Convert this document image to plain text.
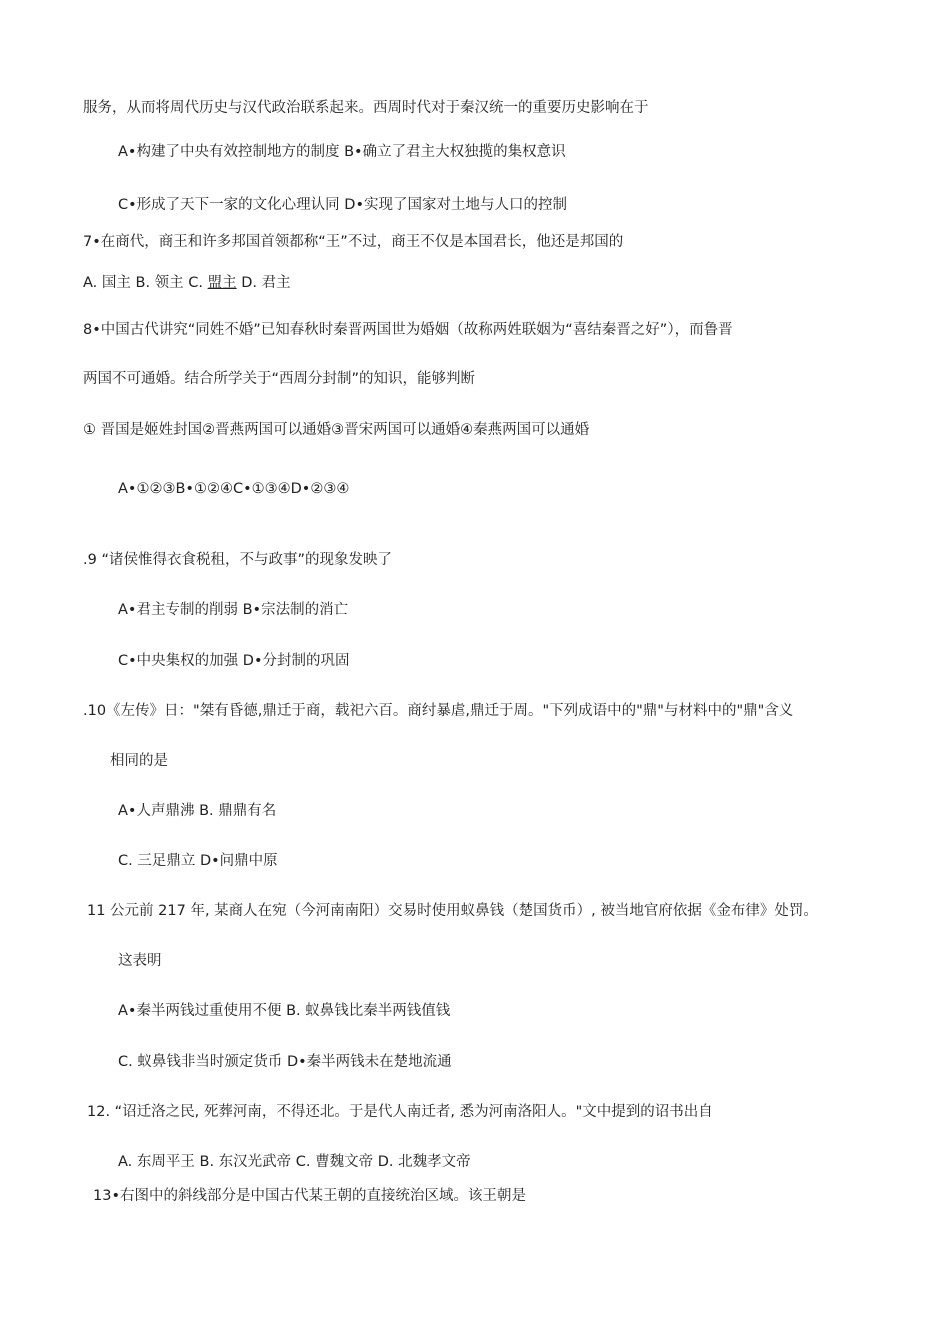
服务，从而将周代历史与汉代政治联系起来。西周时代对于秦汉统一的重要历史影响在于
A•构建了中央有效控制地方的制度 B•确立了君主大权独揽的集权意识
C•形成了天下一家的文化心理认同 D•实现了国家对土地与人口的控制
7•在商代，商王和许多邦国首领都称“王”不过，商王不仅是本国君长，他还是邦国的
A. 国主 B. 领主 C. 盟主 D. 君主
8•中国古代讲究“同姓不婚”已知春秋时秦晋两国世为婚姻（故称两姓联姻为“喜结秦晋之好”），而鲁晋
两国不可通婚。结合所学关于“西周分封制”的知识，能够判断
① 晋国是姬姓封国②晋燕两国可以通婚③晋宋两国可以通婚④秦燕两国可以通婚
A•①②③B•①②④C•①③④D•②③④
.9 “诸侯惟得衣食税租，不与政事”的现象发映了
A•君主专制的削弱 B•宗法制的消亡
C•中央集权的加强 D•分封制的巩固
.10《左传》日："桀有昏德,鼎迁于商，载祀六百。商纣暴虐,鼎迁于周。"下列成语中的"鼎"与材料中的"鼎"含义
相同的是
A•人声鼎沸 B. 鼎鼎有名
C. 三足鼎立 D•问鼎中原
11 公元前 217 年, 某商人在宛（今河南南阳）交易时使用蚁鼻钱（楚国货币）, 被当地官府依据《金布律》处罚。
这表明
A•秦半两钱过重使用不便 B. 蚁鼻钱比秦半两钱值钱
C. 蚁鼻钱非当时颁定货币 D•秦半两钱未在楚地流通
12. “诏迁洛之民, 死葬河南，不得还北。于是代人南迁者, 悉为河南洛阳人。"文中提到的诏书出自
A. 东周平王 B. 东汉光武帝 C. 曹魏文帝 D. 北魏孝文帝
13•右图中的斜线部分是中国古代某王朝的直接统治区域。该王朝是
